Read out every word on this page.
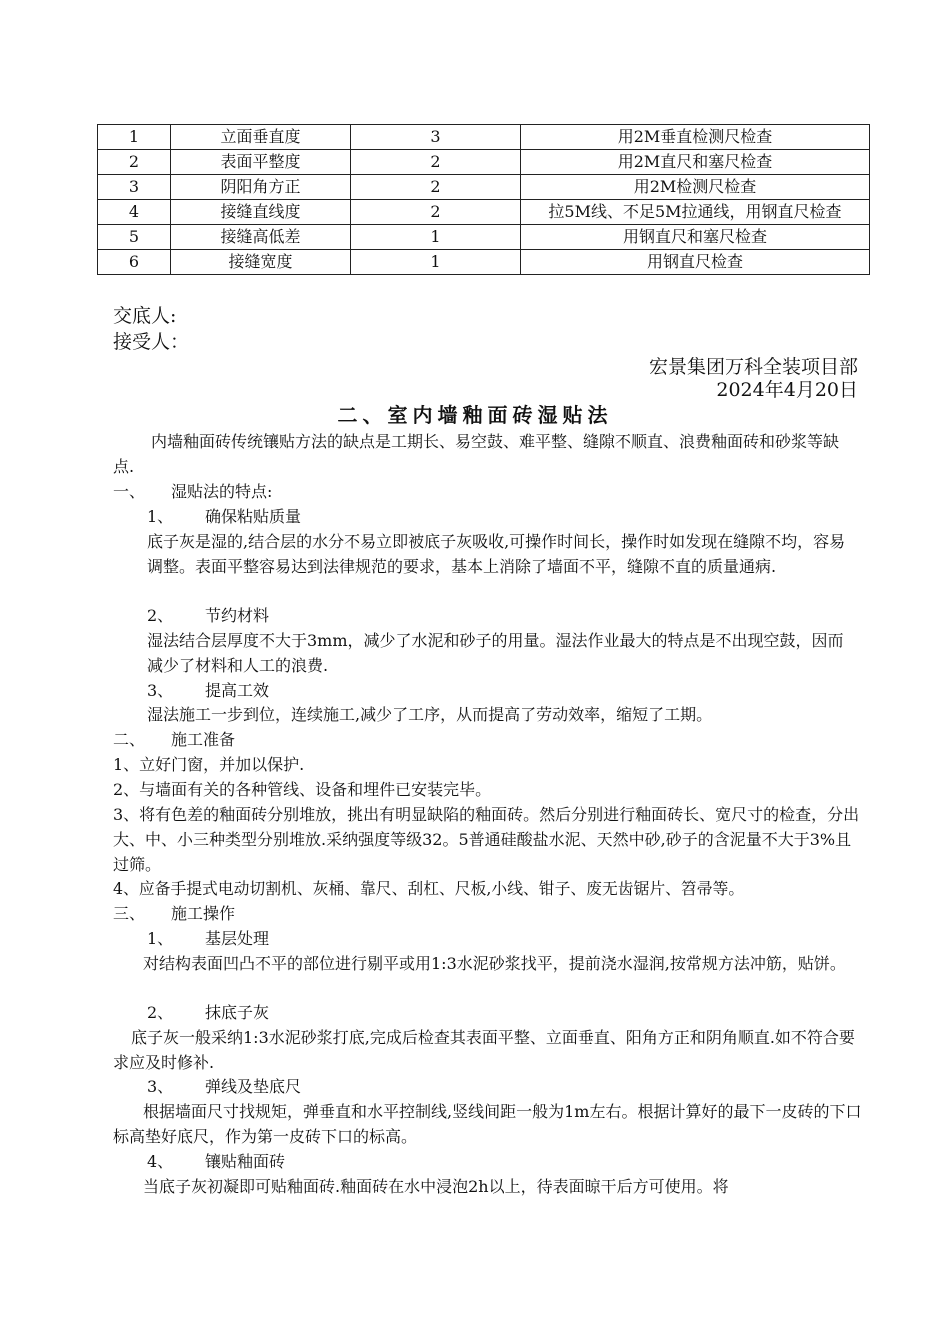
1	立面垂直度	3	用2M垂直检测尺检查
2	表面平整度	2	用2M直尺和塞尺检查
3	阴阳角方正	2	用2M检测尺检查
4	接缝直线度	2	拉5M线、不足5M拉通线，用钢直尺检查
5	接缝高低差	1	用钢直尺和塞尺检查
6	接缝宽度	1	用钢直尺检查
交底人:
接受人：
宏景集团万科全装项目部
2024年4月20日
二、室内墙釉面砖湿贴法
内墙釉面砖传统镶贴方法的缺点是工期长、易空鼓、难平整、缝隙不顺直、浪费釉面砖和砂浆等缺点.
一、 湿贴法的特点:
1、 确保粘贴质量
底子灰是湿的,结合层的水分不易立即被底子灰吸收,可操作时间长，操作时如发现在缝隙不均，容易调整。表面平整容易达到法律规范的要求，基本上消除了墙面不平，缝隙不直的质量通病.
2、 节约材料
湿法结合层厚度不大于3mm，减少了水泥和砂子的用量。湿法作业最大的特点是不出现空鼓，因而减少了材料和人工的浪费.
3、 提高工效
湿法施工一步到位，连续施工,减少了工序，从而提高了劳动效率，缩短了工期。
二、 施工准备
1、立好门窗，并加以保护.
2、与墙面有关的各种管线、设备和埋件已安装完毕。
3、将有色差的釉面砖分别堆放，挑出有明显缺陷的釉面砖。然后分别进行釉面砖长、宽尺寸的检查，分出大、中、小三种类型分别堆放.采纳强度等级32。5普通硅酸盐水泥、天然中砂,砂子的含泥量不大于3%且过筛。
4、应备手提式电动切割机、灰桶、靠尺、刮杠、尺板,小线、钳子、废无齿锯片、笤帚等。
三、 施工操作
1、 基层处理
对结构表面凹凸不平的部位进行剔平或用1:3水泥砂浆找平，提前浇水湿润,按常规方法冲筋，贴饼。
2、 抹底子灰
底子灰一般采纳1:3水泥砂浆打底,完成后检查其表面平整、立面垂直、阳角方正和阴角顺直.如不符合要求应及时修补.
3、 弹线及垫底尺
根据墙面尺寸找规矩，弹垂直和水平控制线,竖线间距一般为1m左右。根据计算好的最下一皮砖的下口标高垫好底尺，作为第一皮砖下口的标高。
4、 镶贴釉面砖
当底子灰初凝即可贴釉面砖.釉面砖在水中浸泡2h以上，待表面晾干后方可使用。将
